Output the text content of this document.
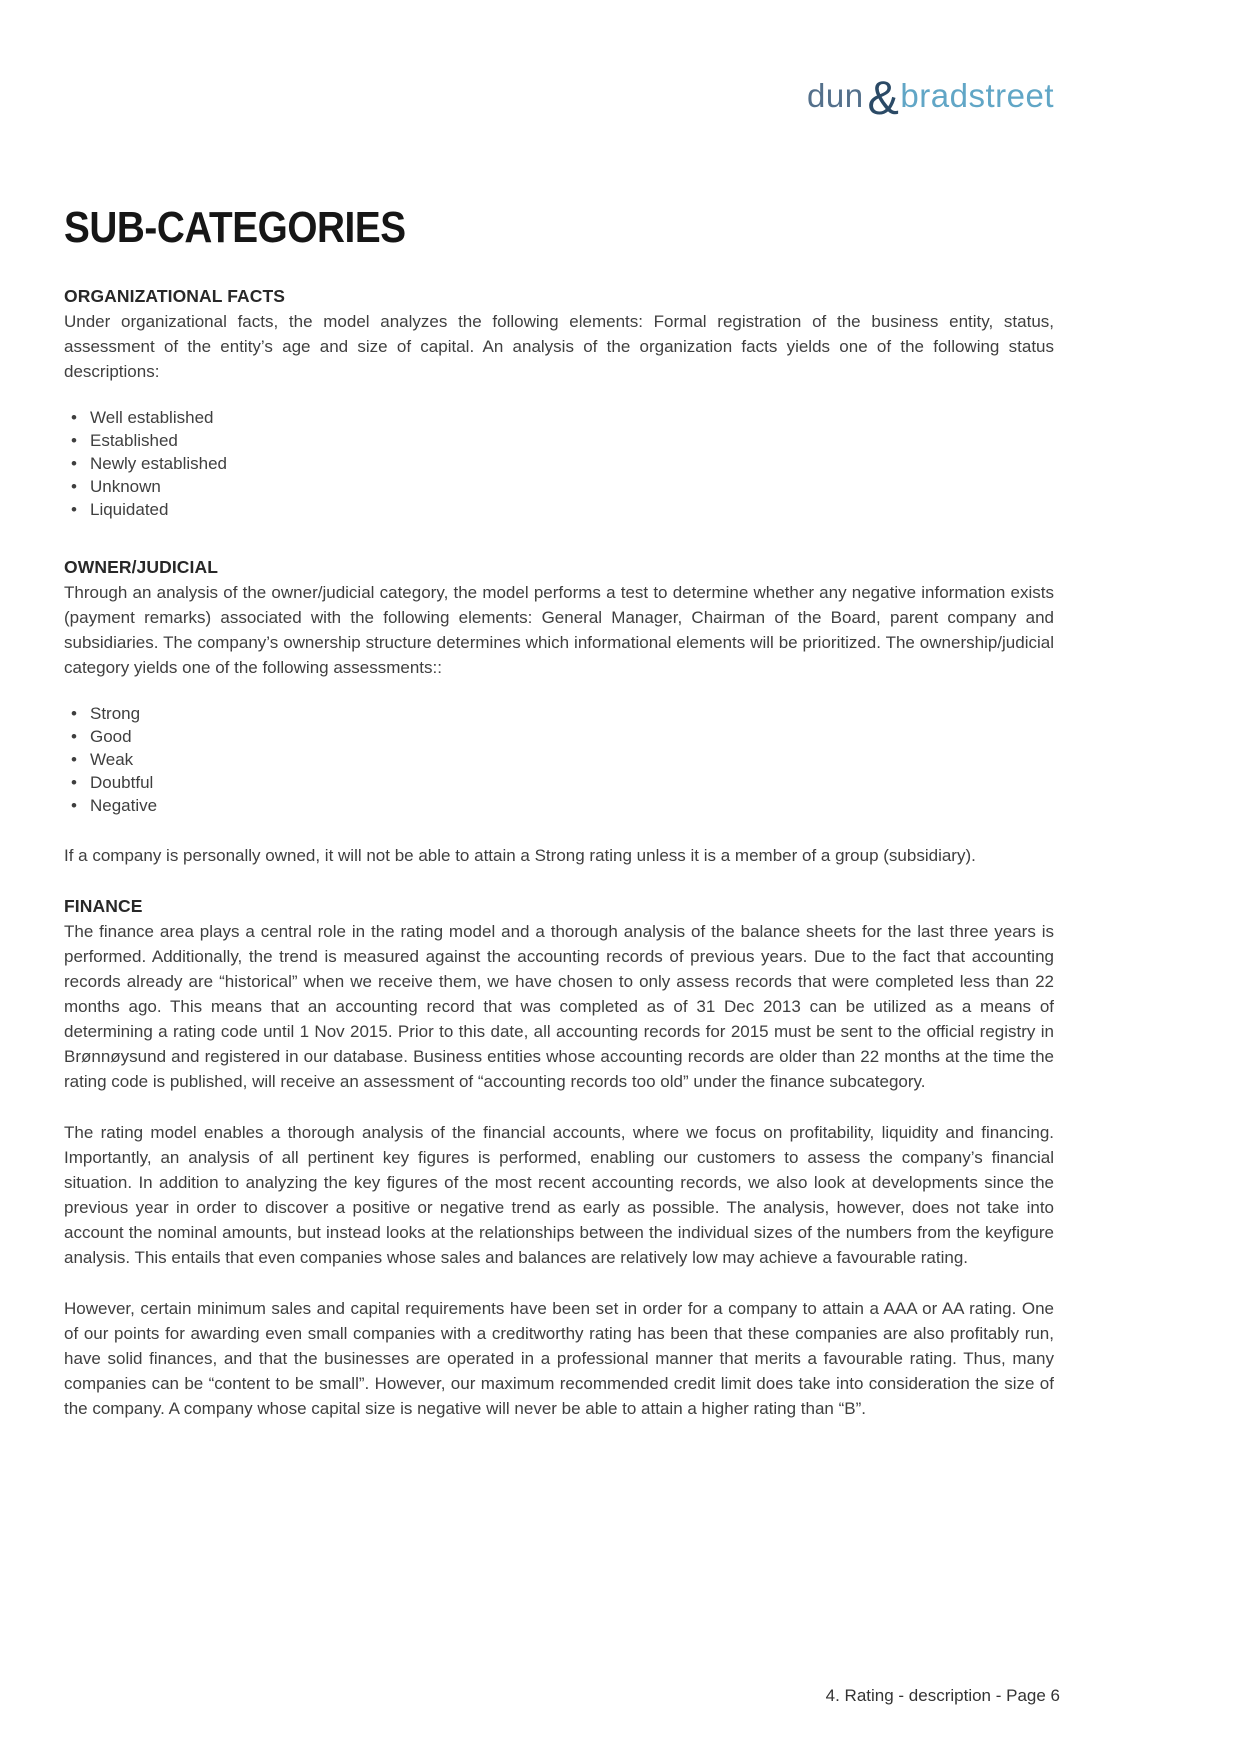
dun&bradstreet
SUB-CATEGORIES
ORGANIZATIONAL FACTS

Under organizational facts, the model analyzes the following elements: Formal registration of the business entity, status, assessment of the entity’s age and size of capital. An analysis of the organization facts yields one of the following status descriptions:

• Well established
• Established
• Newly established
• Unknown
• Liquidated
OWNER/JUDICIAL

Through an analysis of the owner/judicial category, the model performs a test to determine whether any negative information exists (payment remarks) associated with the following elements: General Manager, Chairman of the Board, parent company and subsidiaries. The company’s ownership structure determines which informational elements will be prioritized. The ownership/judicial category yields one of the following assessments::

• Strong
• Good
• Weak
• Doubtful
• Negative

If a company is personally owned, it will not be able to attain a Strong rating unless it is a member of a group (subsidiary).

FINANCE

The finance area plays a central role in the rating model and a thorough analysis of the balance sheets for the last three years is performed. Additionally, the trend is measured against the accounting records of previous years. Due to the fact that accounting records already are “historical” when we receive them, we have chosen to only assess records that were completed less than 22 months ago. This means that an accounting record that was completed as of 31 Dec 2013 can be utilized as a means of determining a rating code until 1 Nov 2015. Prior to this date, all accounting records for 2015 must be sent to the official registry in Brønnøysund and registered in our database. Business entities whose accounting records are older than 22 months at the time the rating code is published, will receive an assessment of “accounting records too old” under the finance subcategory.

The rating model enables a thorough analysis of the financial accounts, where we focus on profitability, liquidity and financing. Importantly, an analysis of all pertinent key figures is performed, enabling our customers to assess the company’s financial situation. In addition to analyzing the key figures of the most recent accounting records, we also look at developments since the previous year in order to discover a positive or negative trend as early as possible. The analysis, however, does not take into account the nominal amounts, but instead looks at the relationships between the individual sizes of the numbers from the keyfigure analysis. This entails that even companies whose sales and balances are relatively low may achieve a favourable rating.

However, certain minimum sales and capital requirements have been set in order for a company to attain a AAA or AA rating. One of our points for awarding even small companies with a creditworthy rating has been that these companies are also profitably run, have solid finances, and that the businesses are operated in a professional manner that merits a favourable rating. Thus, many companies can be “content to be small”. However, our maximum recommended credit limit does take into consideration the size of the company. A company whose capital size is negative will never be able to attain a higher rating than “B”.

4. Rating - description - Page 6
